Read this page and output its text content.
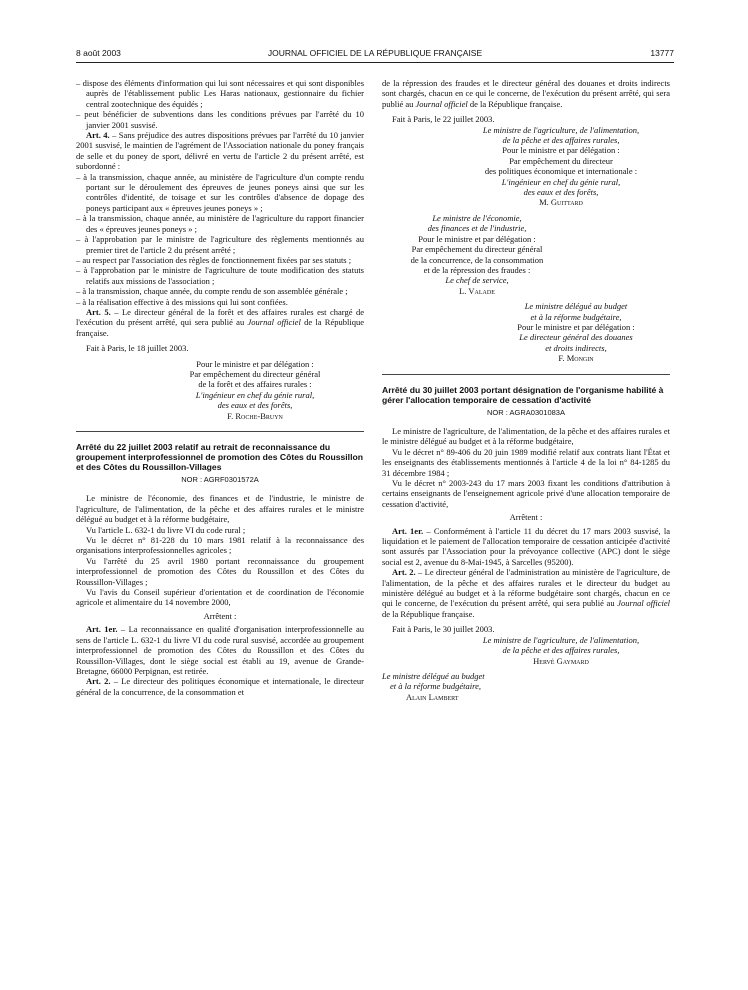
8 août 2003	JOURNAL OFFICIEL DE LA RÉPUBLIQUE FRANÇAISE	13777

– dispose des éléments d'information qui lui sont nécessaires et qui sont disponibles auprès de l'établissement public Les Haras nationaux, gestionnaire du fichier central zootechnique des équidés ;

– peut bénéficier de subventions dans les conditions prévues par l'arrêté du 10 janvier 2001 susvisé.

Art. 4. – Sans préjudice des autres dispositions prévues par l'arrêté du 10 janvier 2001 susvisé, le maintien de l'agrément de l'Association nationale du poney français de selle et du poney de sport, délivré en vertu de l'article 2 du présent arrêté, est subordonné :

– à la transmission, chaque année, au ministère de l'agriculture d'un compte rendu portant sur le déroulement des épreuves de jeunes poneys ainsi que sur les contrôles d'identité, de toisage et sur les contrôles d'absence de dopage des poneys participant aux « épreuves jeunes poneys » ;

– à la transmission, chaque année, au ministère de l'agriculture du rapport financier des « épreuves jeunes poneys » ;

– à l'approbation par le ministre de l'agriculture des règlements mentionnés au premier tiret de l'article 2 du présent arrêté ;

– au respect par l'association des règles de fonctionnement fixées par ses statuts ;

– à l'approbation par le ministre de l'agriculture de toute modification des statuts relatifs aux missions de l'association ;

– à la transmission, chaque année, du compte rendu de son assemblée générale ;

– à la réalisation effective à des missions qui lui sont confiées.

Art. 5. – Le directeur général de la forêt et des affaires rurales est chargé de l'exécution du présent arrêté, qui sera publié au Journal officiel de la République française.

Fait à Paris, le 18 juillet 2003.

Pour le ministre et par délégation :

Par empêchement du directeur général

de la forêt et des affaires rurales :

L'ingénieur en chef du génie rural,

des eaux et des forêts,

F. Roche-Bruyn

Arrêté du 22 juillet 2003 relatif au retrait de reconnaissance du groupement interprofessionnel de promotion des Côtes du Roussillon et des Côtes du Roussillon-Villages

NOR : AGRF0301572A

Le ministre de l'économie, des finances et de l'industrie, le ministre de l'agriculture, de l'alimentation, de la pêche et des affaires rurales et le ministre délégué au budget et à la réforme budgétaire,

Vu l'article L. 632-1 du livre VI du code rural ;

Vu le décret n° 81-228 du 10 mars 1981 relatif à la reconnaissance des organisations interprofessionnelles agricoles ;

Vu l'arrêté du 25 avril 1980 portant reconnaissance du groupement interprofessionnel de promotion des Côtes du Roussillon et des Côtes du Roussillon-Villages ;

Vu l'avis du Conseil supérieur d'orientation et de coordination de l'économie agricole et alimentaire du 14 novembre 2000,

Arrêtent :

Art. 1er. – La reconnaissance en qualité d'organisation interprofessionnelle au sens de l'article L. 632-1 du livre VI du code rural susvisé, accordée au groupement interprofessionnel de promotion des Côtes du Roussillon et des Côtes du Roussillon-Villages, dont le siège social est établi au 19, avenue de Grande-Bretagne, 66000 Perpignan, est retirée.

Art. 2. – Le directeur des politiques économique et internationale, le directeur général de la concurrence, de la consommation et

de la répression des fraudes et le directeur général des douanes et droits indirects sont chargés, chacun en ce qui le concerne, de l'exécution du présent arrêté, qui sera publié au Journal officiel de la République française.

Fait à Paris, le 22 juillet 2003.

Le ministre de l'agriculture, de l'alimentation,

de la pêche et des affaires rurales,

Pour le ministre et par délégation :

Par empêchement du directeur

des politiques économique et internationale :

L'ingénieur en chef du génie rural,

des eaux et des forêts,

M. Guittard

Le ministre de l'économie,

des finances et de l'industrie,

Pour le ministre et par délégation :

Par empêchement du directeur général

de la concurrence, de la consommation

et de la répression des fraudes :

Le chef de service,

L. Valade

Le ministre délégué au budget

et à la réforme budgétaire,

Pour le ministre et par délégation :

Le directeur général des douanes

et droits indirects,

F. Mongin

Arrêté du 30 juillet 2003 portant désignation de l'organisme habilité à gérer l'allocation temporaire de cessation d'activité

NOR : AGRA0301083A

Le ministre de l'agriculture, de l'alimentation, de la pêche et des affaires rurales et le ministre délégué au budget et à la réforme budgétaire,

Vu le décret n° 89-406 du 20 juin 1989 modifié relatif aux contrats liant l'État et les enseignants des établissements mentionnés à l'article 4 de la loi n° 84-1285 du 31 décembre 1984 ;

Vu le décret n° 2003-243 du 17 mars 2003 fixant les conditions d'attribution à certains enseignants de l'enseignement agricole privé d'une allocation temporaire de cessation d'activité,

Arrêtent :

Art. 1er. – Conformément à l'article 11 du décret du 17 mars 2003 susvisé, la liquidation et le paiement de l'allocation temporaire de cessation anticipée d'activité sont assurés par l'Association pour la prévoyance collective (APC) dont le siège social est 2, avenue du 8-Mai-1945, à Sarcelles (95200).

Art. 2. – Le directeur général de l'administration au ministère de l'agriculture, de l'alimentation, de la pêche et des affaires rurales et le directeur du budget au ministère délégué au budget et à la réforme budgétaire sont chargés, chacun en ce qui le concerne, de l'exécution du présent arrêté, qui sera publié au Journal officiel de la République française.

Fait à Paris, le 30 juillet 2003.

Le ministre de l'agriculture, de l'alimentation,

de la pêche et des affaires rurales,

Hervé Gaymard

Le ministre délégué au budget

et à la réforme budgétaire,

Alain Lambert
